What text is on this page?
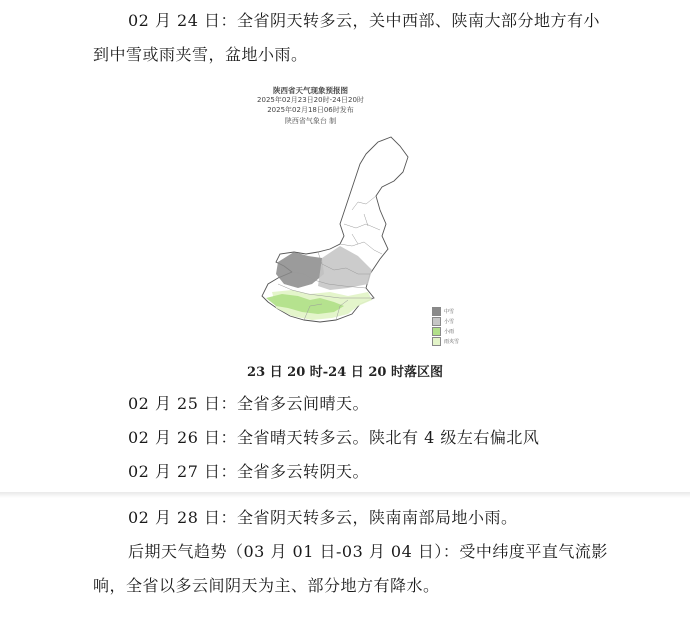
02 月 24 日：全省阴天转多云，关中西部、陕南大部分地方有小
到中雪或雨夹雪，盆地小雨。
陕西省天气现象预报图
2025年02月23日20时-24日20时
2025年02月18日06时发布
陕西省气象台 制
中雪
小雪
小雨
雨夹雪
23 日 20 时-24 日 20 时落区图
02 月 25 日：全省多云间晴天。
02 月 26 日：全省晴天转多云。陕北有 4 级左右偏北风
02 月 27 日：全省多云转阴天。
02 月 28 日：全省阴天转多云，陕南南部局地小雨。
后期天气趋势（03 月 01 日-03 月 04 日）：受中纬度平直气流影
响，全省以多云间阴天为主、部分地方有降水。
